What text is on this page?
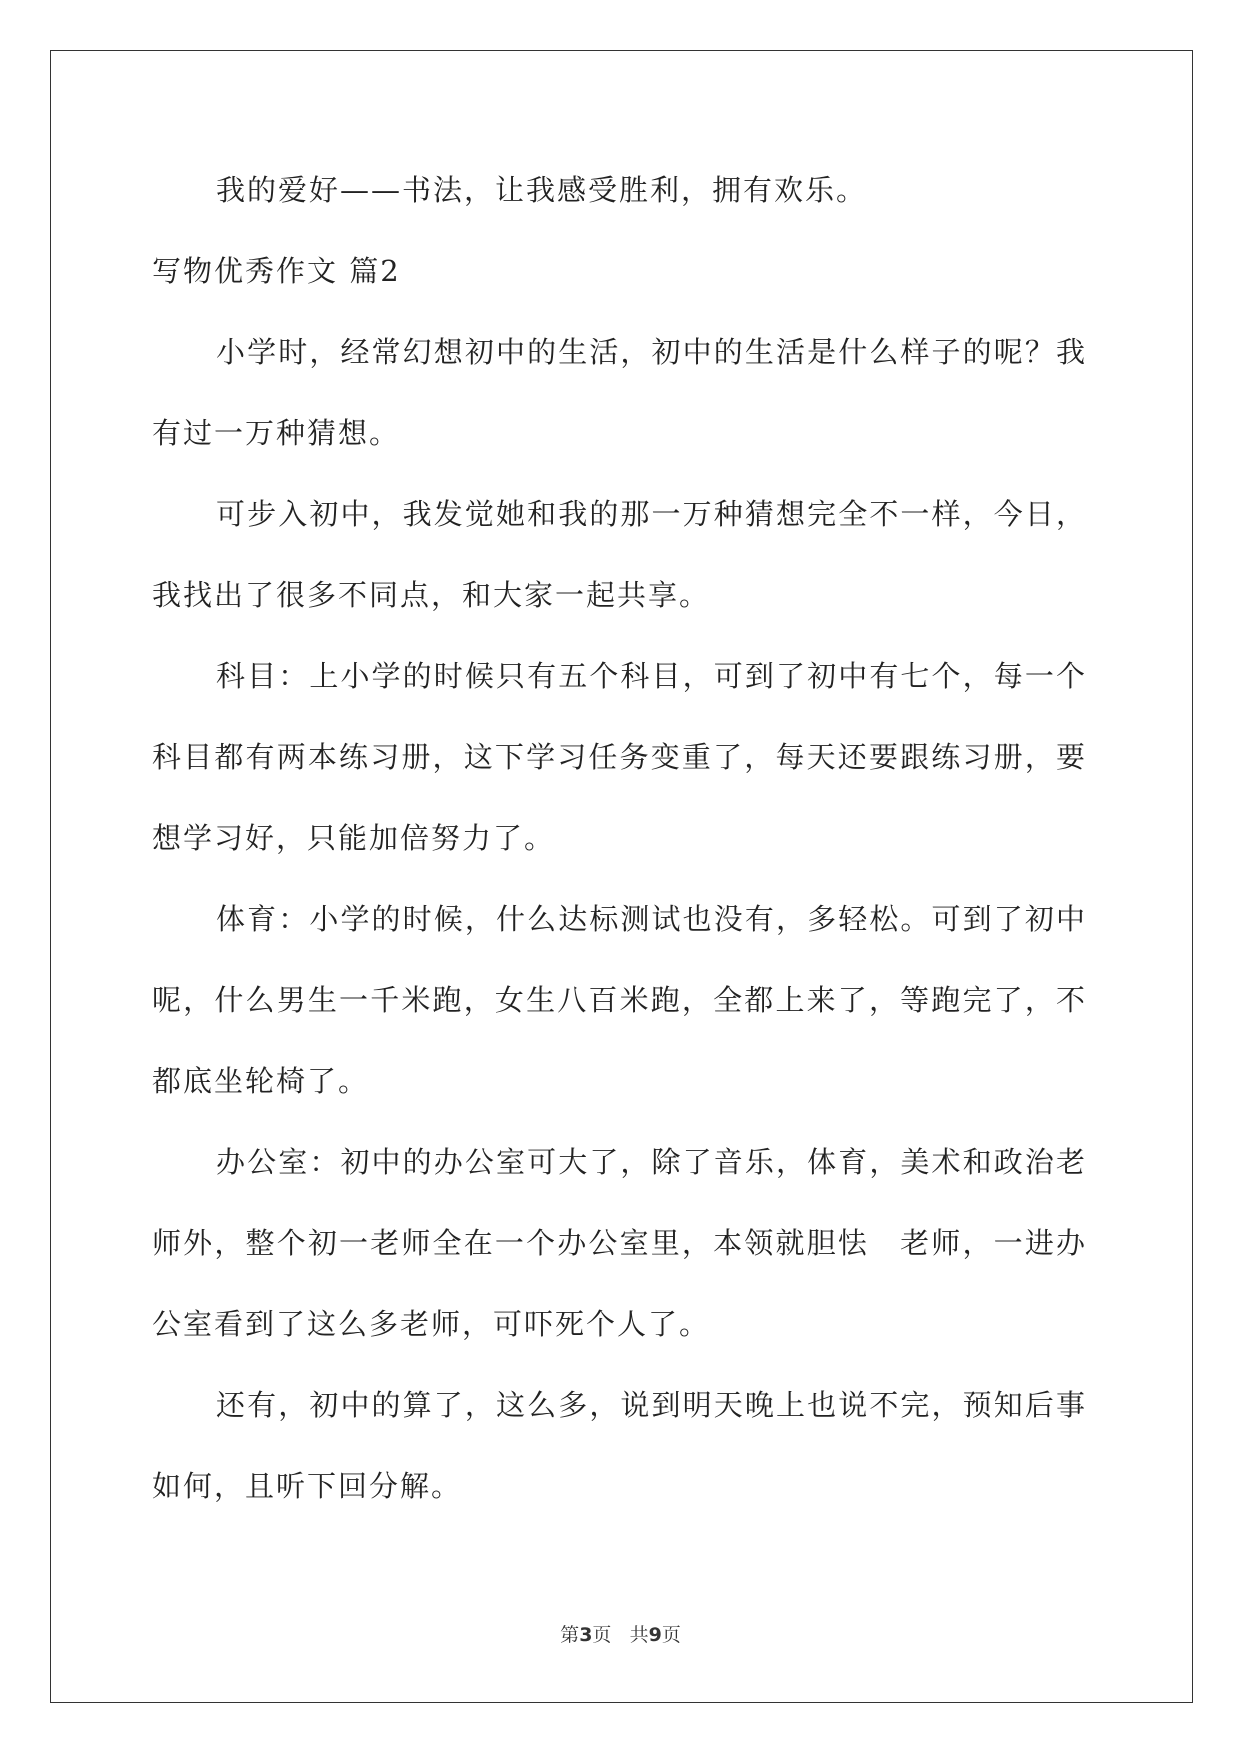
我的爱好——书法，让我感受胜利，拥有欢乐。

写物优秀作文 篇2

小学时，经常幻想初中的生活，初中的生活是什么样子的呢？我有过一万种猜想。

可步入初中，我发觉她和我的那一万种猜想完全不一样，今日，我找出了很多不同点，和大家一起共享。

科目：上小学的时候只有五个科目，可到了初中有七个，每一个科目都有两本练习册，这下学习任务变重了，每天还要跟练习册，要想学习好，只能加倍努力了。

体育：小学的时候，什么达标测试也没有，多轻松。可到了初中呢，什么男生一千米跑，女生八百米跑，全都上来了，等跑完了，不都底坐轮椅了。

办公室：初中的办公室可大了，除了音乐，体育，美术和政治老师外，整个初一老师全在一个办公室里，本领就胆怯　老师，一进办公室看到了这么多老师，可吓死个人了。

还有，初中的算了，这么多，说到明天晚上也说不完，预知后事如何，且听下回分解。

第3页 共9页
